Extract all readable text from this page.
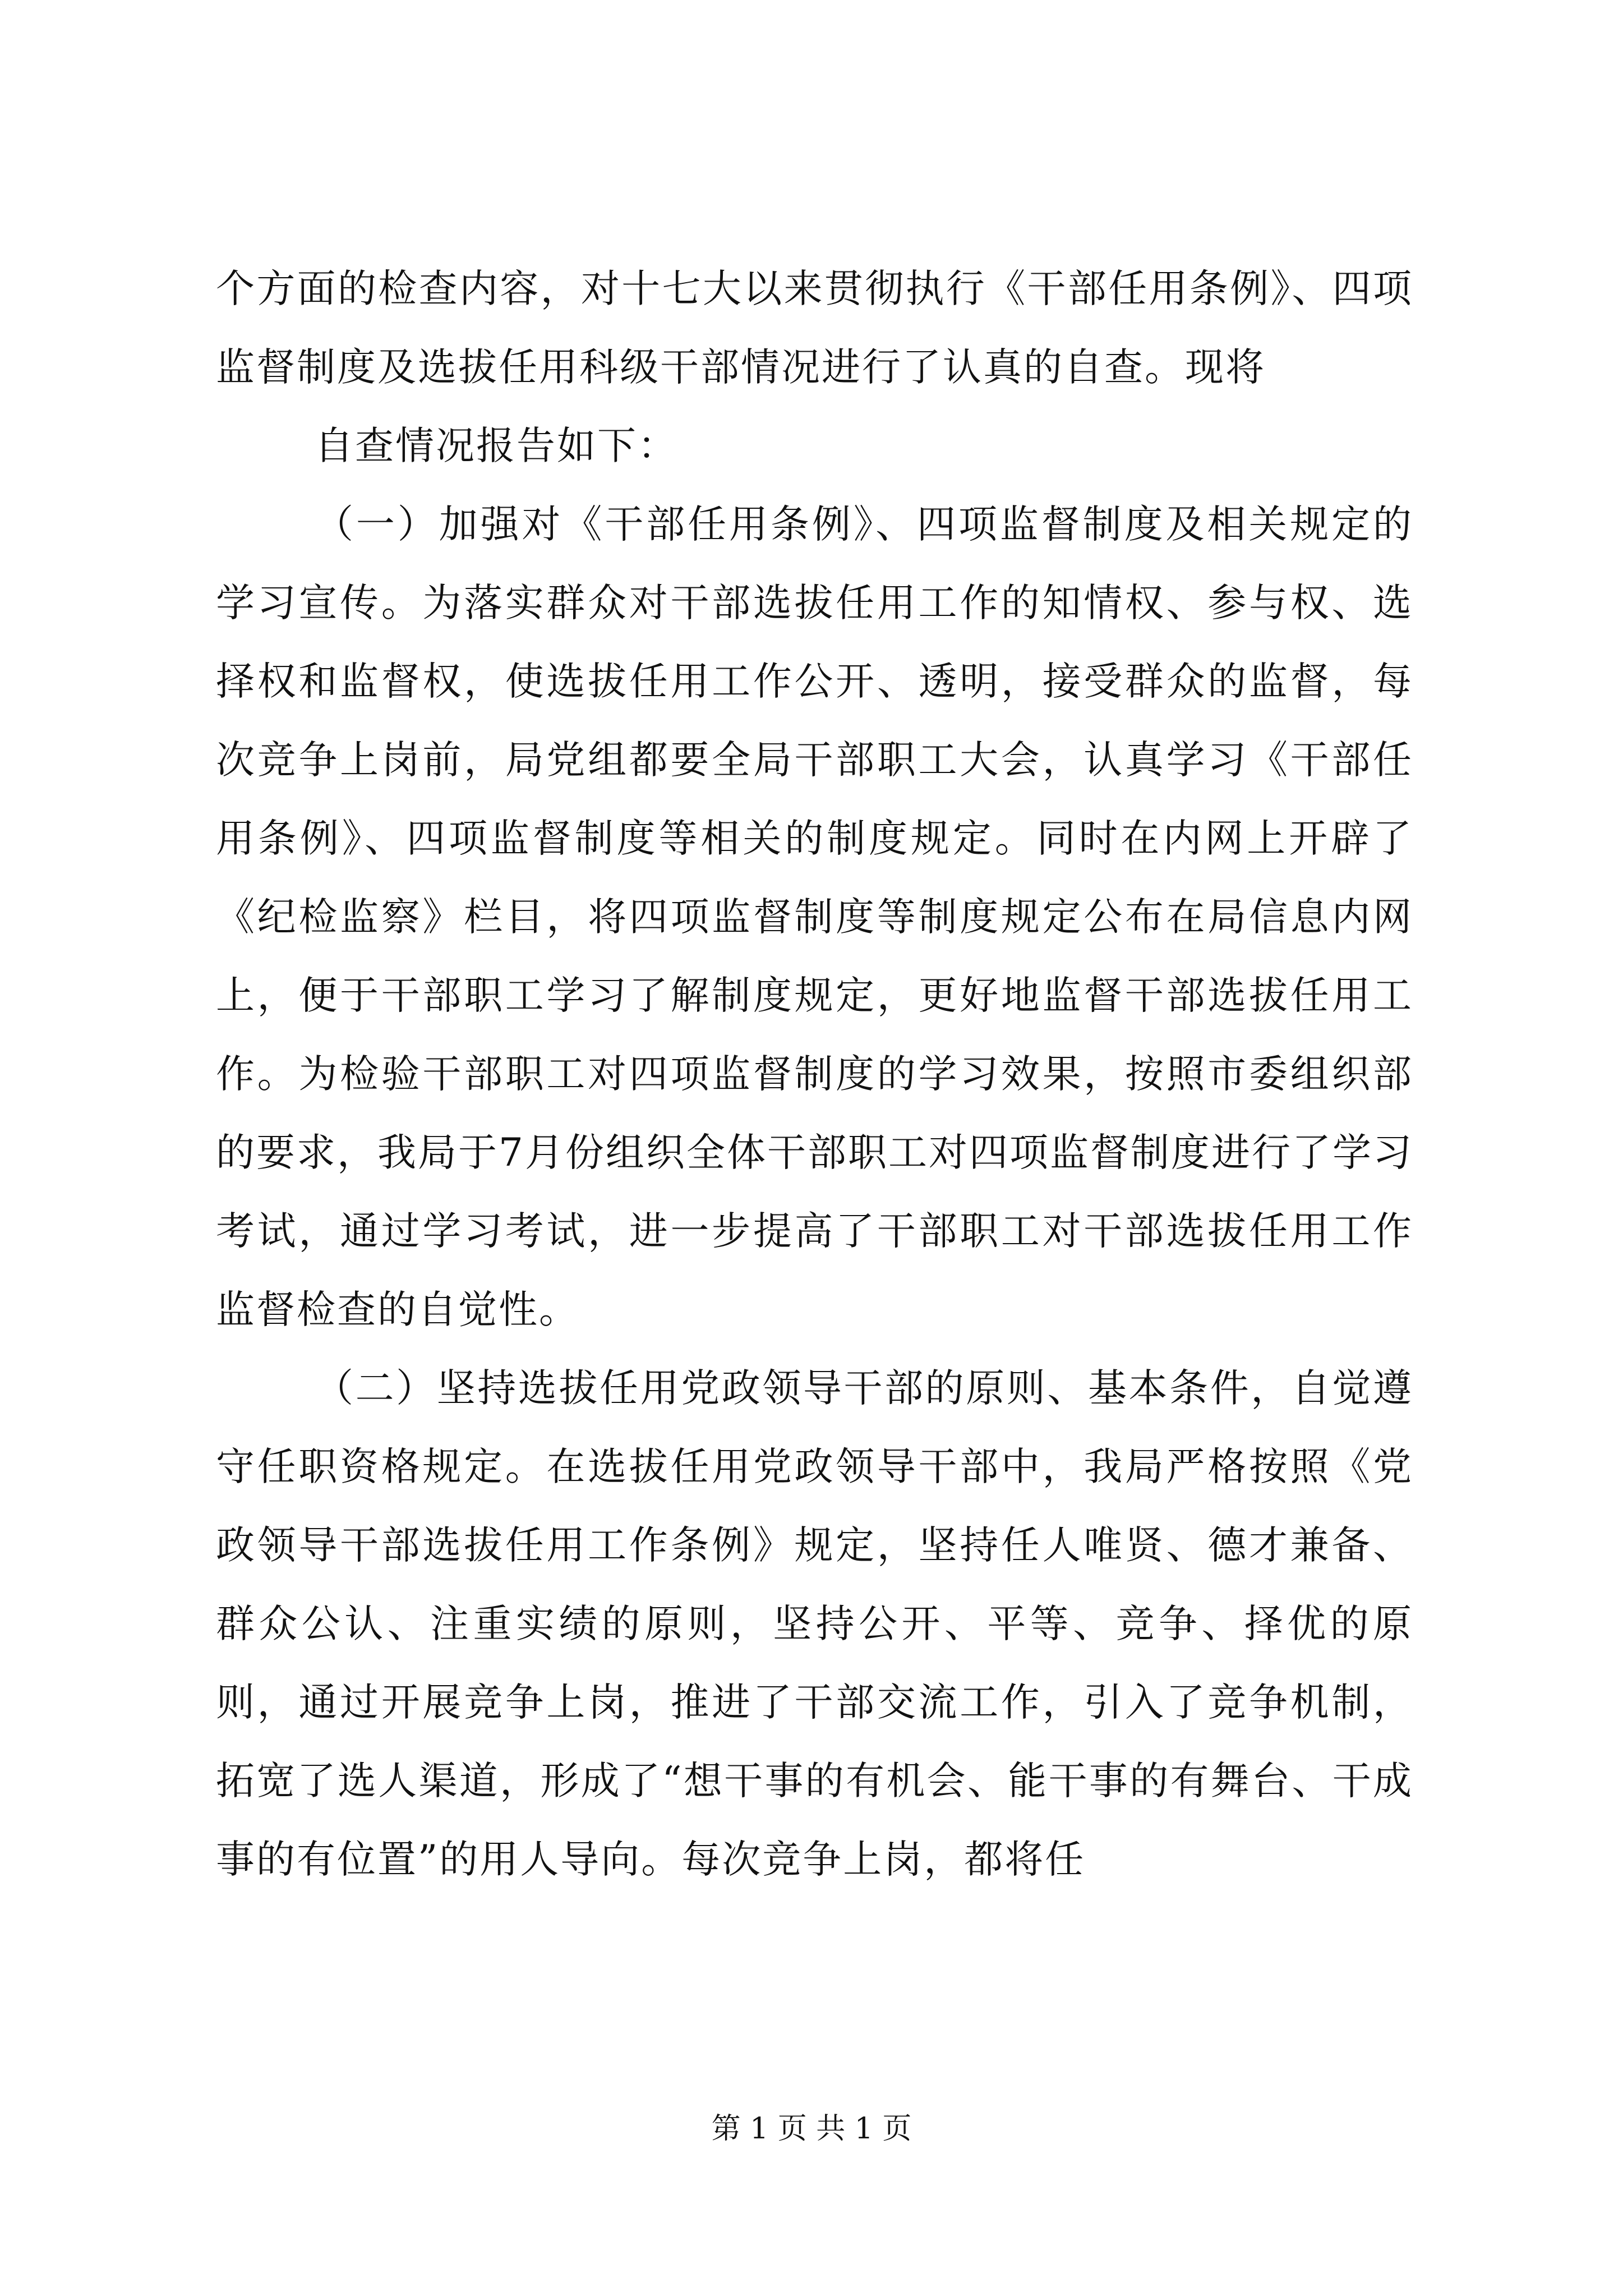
个方面的检查内容，对十七大以来贯彻执行《干部任用条例》、四项监督制度及选拔任用科级干部情况进行了认真的自查。现将

自查情况报告如下：

（一）加强对《干部任用条例》、四项监督制度及相关规定的学习宣传。为落实群众对干部选拔任用工作的知情权、参与权、选择权和监督权，使选拔任用工作公开、透明，接受群众的监督，每次竞争上岗前，局党组都要全局干部职工大会，认真学习《干部任用条例》、四项监督制度等相关的制度规定。同时在内网上开辟了《纪检监察》栏目，将四项监督制度等制度规定公布在局信息内网上，便于干部职工学习了解制度规定，更好地监督干部选拔任用工作。为检验干部职工对四项监督制度的学习效果，按照市委组织部的要求，我局于7月份组织全体干部职工对四项监督制度进行了学习考试，通过学习考试，进一步提高了干部职工对干部选拔任用工作监督检查的自觉性。

（二）坚持选拔任用党政领导干部的原则、基本条件，自觉遵守任职资格规定。在选拔任用党政领导干部中，我局严格按照《党政领导干部选拔任用工作条例》规定，坚持任人唯贤、德才兼备、群众公认、注重实绩的原则，坚持公开、平等、竞争、择优的原则，通过开展竞争上岗，推进了干部交流工作，引入了竞争机制，拓宽了选人渠道，形成了“想干事的有机会、能干事的有舞台、干成事的有位置”的用人导向。每次竞争上岗，都将任

第 1 页 共 1 页
